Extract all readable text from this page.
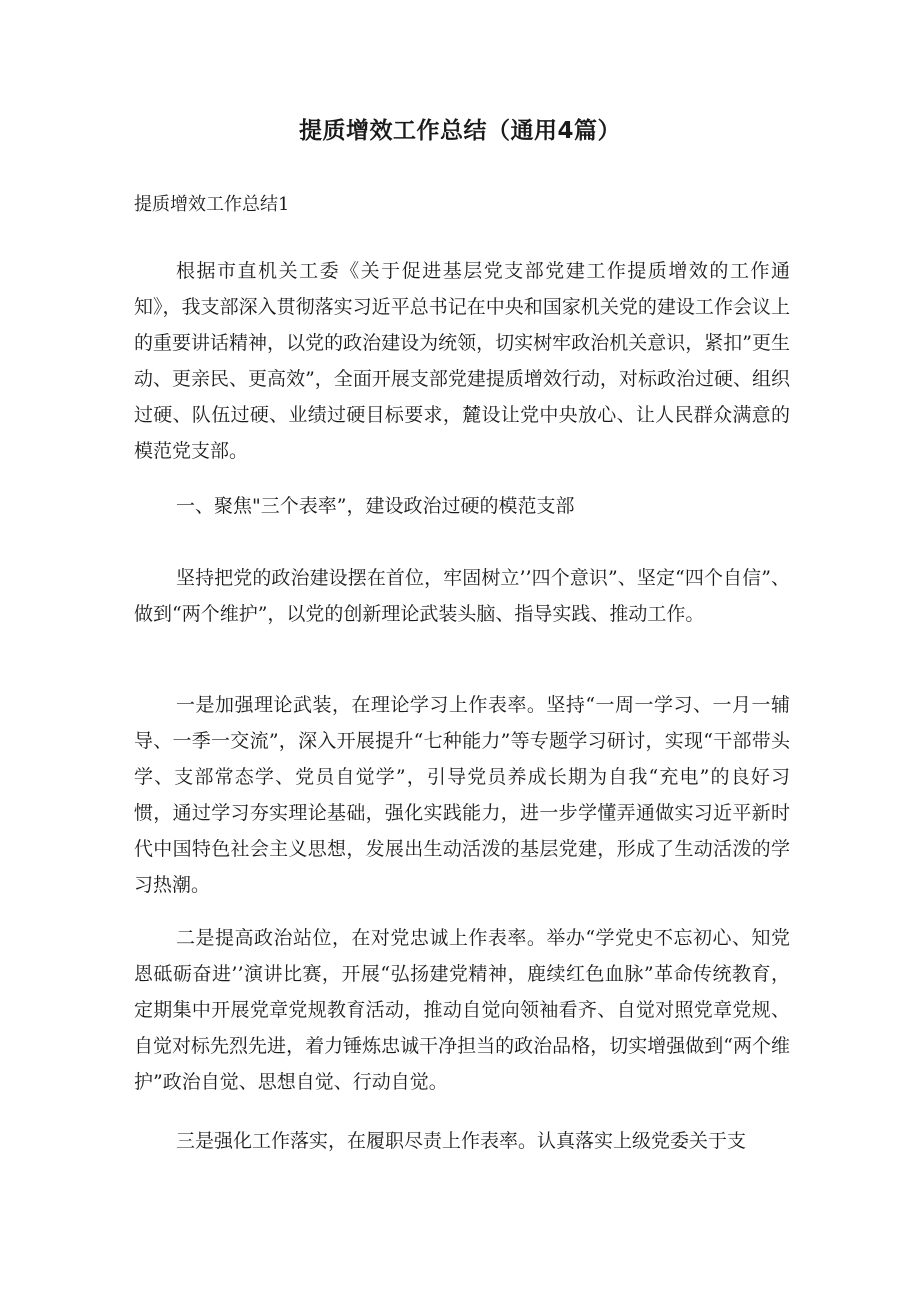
提质增效工作总结（通用4篇）
提质增效工作总结1
根据市直机关工委《关于促进基层党支部党建工作提质增效的工作通知》，我支部深入贯彻落实习近平总书记在中央和国家机关党的建设工作会议上的重要讲话精神，以党的政治建设为统领，切实树牢政治机关意识，紧扣”更生动、更亲民、更高效”，全面开展支部党建提质增效行动，对标政治过硬、组织过硬、队伍过硬、业绩过硬目标要求，麓设让党中央放心、让人民群众满意的模范党支部。
一、聚焦"三个表率”，建设政治过硬的模范支部
坚持把党的政治建设摆在首位，牢固树立’’四个意识”、坚定“四个自信”、做到“两个维护”，以党的创新理论武装头脑、指导实践、推动工作。
一是加强理论武装，在理论学习上作表率。坚持“一周一学习、一月一辅导、一季一交流”，深入开展提升“七种能力”等专题学习研讨，实现“干部带头学、支部常态学、党员自觉学”，引导党员养成长期为自我“充电”的良好习惯，通过学习夯实理论基础，强化实践能力，进一步学懂弄通做实习近平新时代中国特色社会主义思想，发展出生动活泼的基层党建，形成了生动活泼的学习热潮。
二是提高政治站位，在对党忠诚上作表率。举办“学党史不忘初心、知党恩砥砺奋进’’演讲比赛，开展“弘扬建党精神，鹿续红色血脉”革命传统教育，定期集中开展党章党规教育活动，推动自觉向领袖看齐、自觉对照党章党规、自觉对标先烈先进，着力锤炼忠诚干净担当的政治品格，切实增强做到“两个维护”政治自觉、思想自觉、行动自觉。
三是强化工作落实，在履职尽责上作表率。认真落实上级党委关于支
